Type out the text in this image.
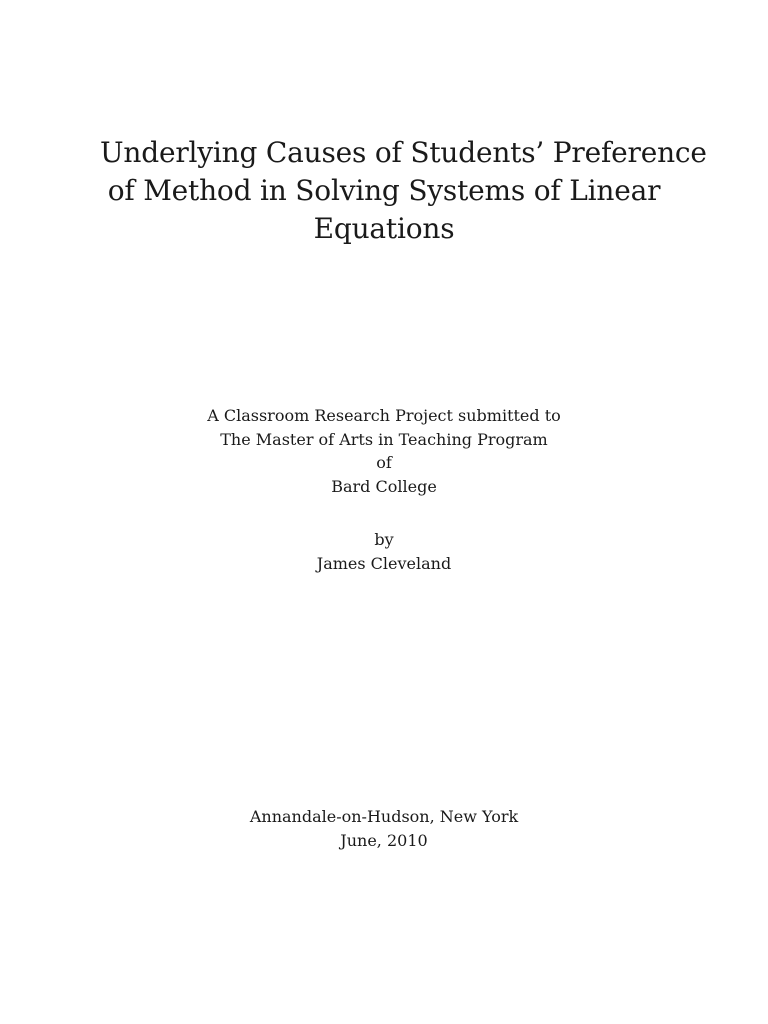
Underlying Causes of Students’ Preference
of Method in Solving Systems of Linear
Equations
A Classroom Research Project submitted to
The Master of Arts in Teaching Program
of
Bard College
by
James Cleveland
Annandale-on-Hudson, New York
June, 2010
